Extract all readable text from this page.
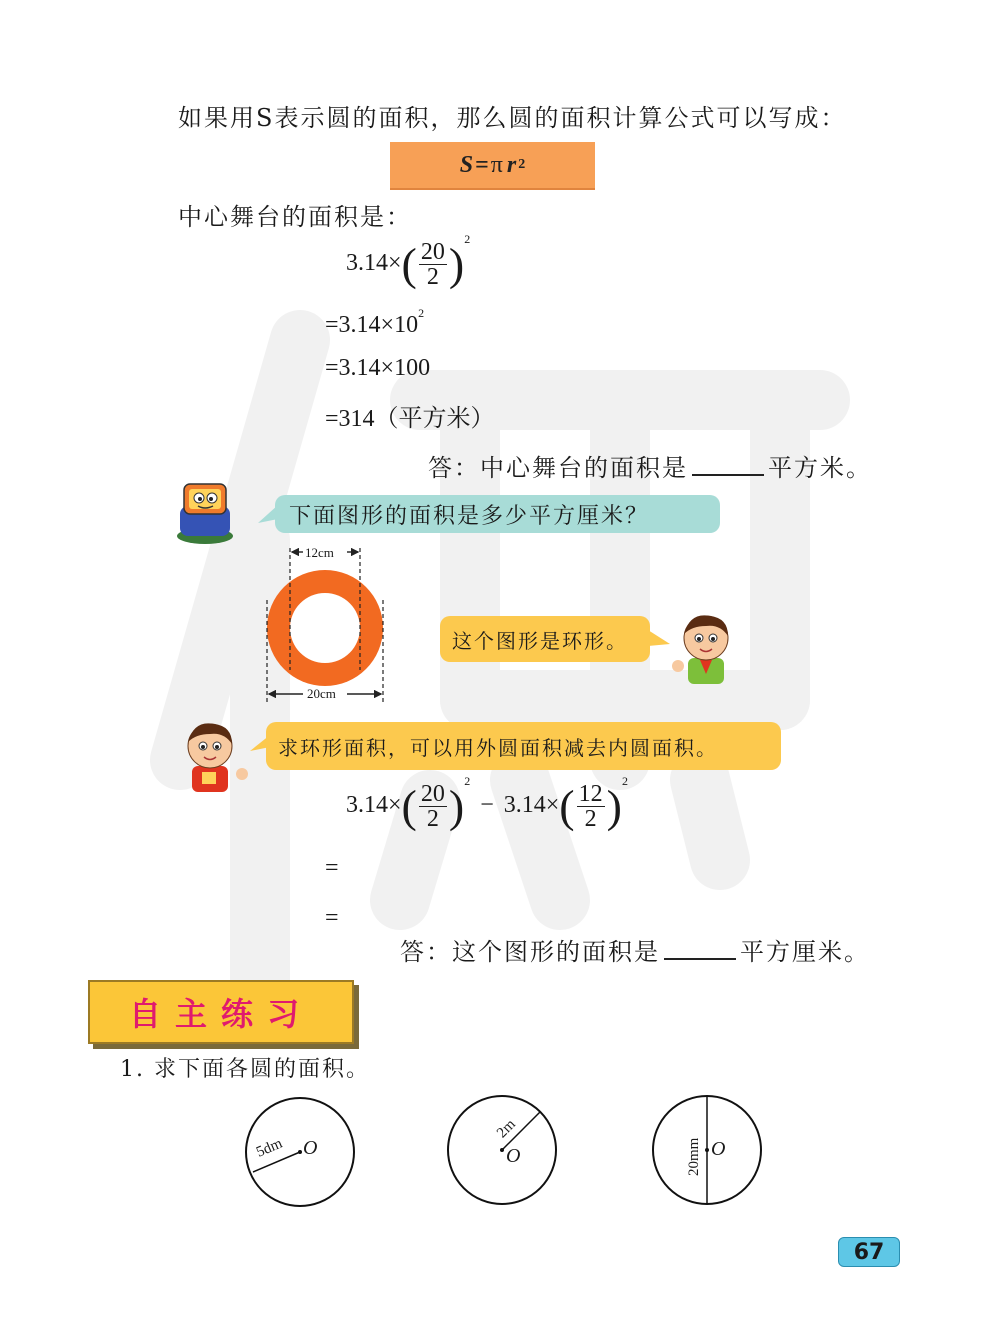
如果用S表示圆的面积，那么圆的面积计算公式可以写成：
S = π r 2
中心舞台的面积是：
$3.14\times( \frac{20}{2} )^2$
$=3.14\times 10^2$
=3.14×100
=314（平方米）
答：中心舞台的面积是	平方米。
下面图形的面积是多少平方厘米？
12cm
20cm
这个图形是环形。
求环形面积，可以用外圆面积减去内圆面积。
$3.14\times( \frac{20}{2} )^2 - 3.14\times( \frac{12}{2} )^2$
=
=
答：这个图形的面积是	平方厘米。
自主练习
1. 求下面各圆的面积。
5dm O
2m
O	20mm O
67
